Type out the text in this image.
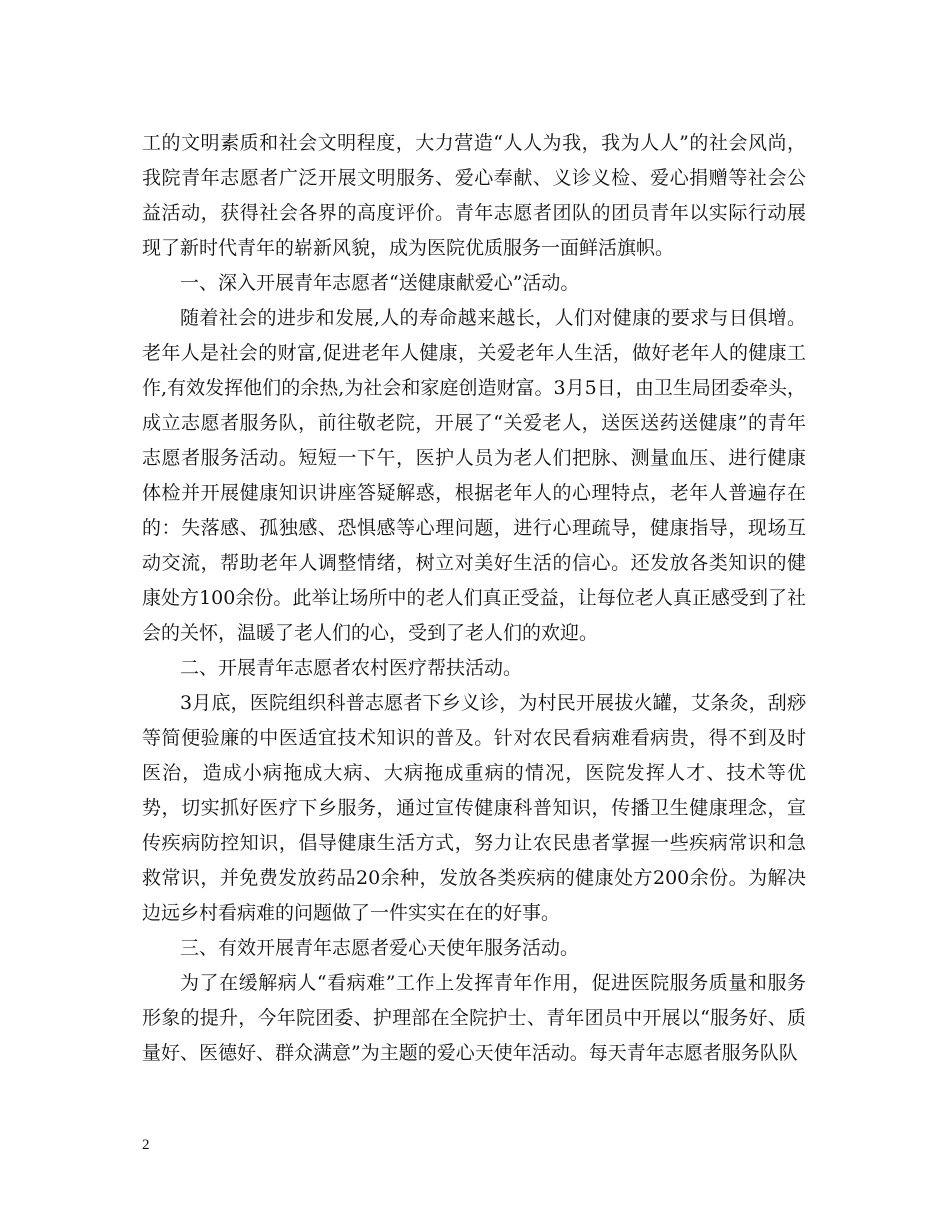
工的文明素质和社会文明程度，大力营造“人人为我，我为人人”的社会风尚，我院青年志愿者广泛开展文明服务、爱心奉献、义诊义检、爱心捐赠等社会公益活动，获得社会各界的高度评价。青年志愿者团队的团员青年以实际行动展现了新时代青年的崭新风貌，成为医院优质服务一面鲜活旗帜。

一、深入开展青年志愿者“送健康献爱心”活动。

随着社会的进步和发展,人的寿命越来越长，人们对健康的要求与日俱增。老年人是社会的财富,促进老年人健康，关爱老年人生活，做好老年人的健康工作,有效发挥他们的余热,为社会和家庭创造财富。3月5日，由卫生局团委牵头，成立志愿者服务队，前往敬老院，开展了“关爱老人，送医送药送健康”的青年志愿者服务活动。短短一下午，医护人员为老人们把脉、测量血压、进行健康体检并开展健康知识讲座答疑解惑，根据老年人的心理特点，老年人普遍存在的：失落感、孤独感、恐惧感等心理问题，进行心理疏导，健康指导，现场互动交流，帮助老年人调整情绪，树立对美好生活的信心。还发放各类知识的健康处方100余份。此举让场所中的老人们真正受益，让每位老人真正感受到了社会的关怀，温暖了老人们的心，受到了老人们的欢迎。

二、开展青年志愿者农村医疗帮扶活动。

3月底，医院组织科普志愿者下乡义诊，为村民开展拔火罐，艾条灸，刮痧等简便验廉的中医适宜技术知识的普及。针对农民看病难看病贵，得不到及时医治，造成小病拖成大病、大病拖成重病的情况，医院发挥人才、技术等优势，切实抓好医疗下乡服务，通过宣传健康科普知识，传播卫生健康理念，宣传疾病防控知识，倡导健康生活方式，努力让农民患者掌握一些疾病常识和急救常识，并免费发放药品20余种，发放各类疾病的健康处方200余份。为解决边远乡村看病难的问题做了一件实实在在的好事。

三、有效开展青年志愿者爱心天使年服务活动。

为了在缓解病人“看病难”工作上发挥青年作用，促进医院服务质量和服务形象的提升，今年院团委、护理部在全院护士、青年团员中开展以“服务好、质量好、医德好、群众满意”为主题的爱心天使年活动。每天青年志愿者服务队队

2
